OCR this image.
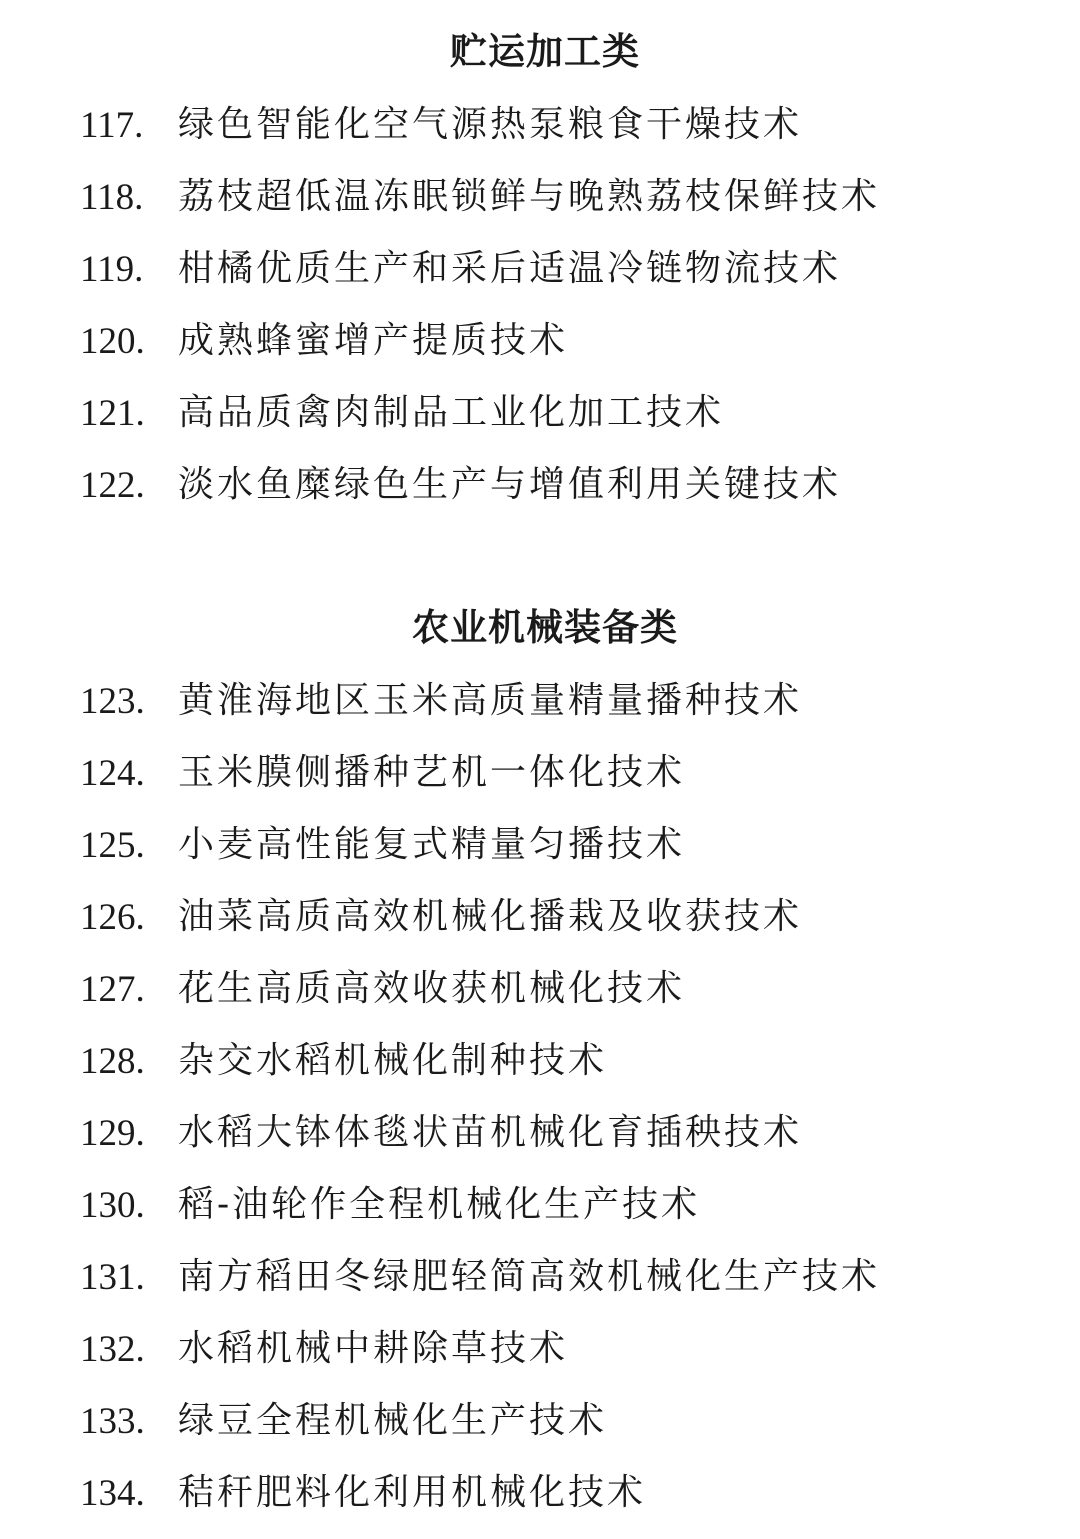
贮运加工类
117. 绿色智能化空气源热泵粮食干燥技术
118. 荔枝超低温冻眠锁鲜与晚熟荔枝保鲜技术
119. 柑橘优质生产和采后适温冷链物流技术
120. 成熟蜂蜜增产提质技术
121. 高品质禽肉制品工业化加工技术
122. 淡水鱼糜绿色生产与增值利用关键技术
农业机械装备类
123. 黄淮海地区玉米高质量精量播种技术
124. 玉米膜侧播种艺机一体化技术
125. 小麦高性能复式精量匀播技术
126. 油菜高质高效机械化播栽及收获技术
127. 花生高质高效收获机械化技术
128. 杂交水稻机械化制种技术
129. 水稻大钵体毯状苗机械化育插秧技术
130. 稻-油轮作全程机械化生产技术
131. 南方稻田冬绿肥轻简高效机械化生产技术
132. 水稻机械中耕除草技术
133. 绿豆全程机械化生产技术
134. 秸秆肥料化利用机械化技术
